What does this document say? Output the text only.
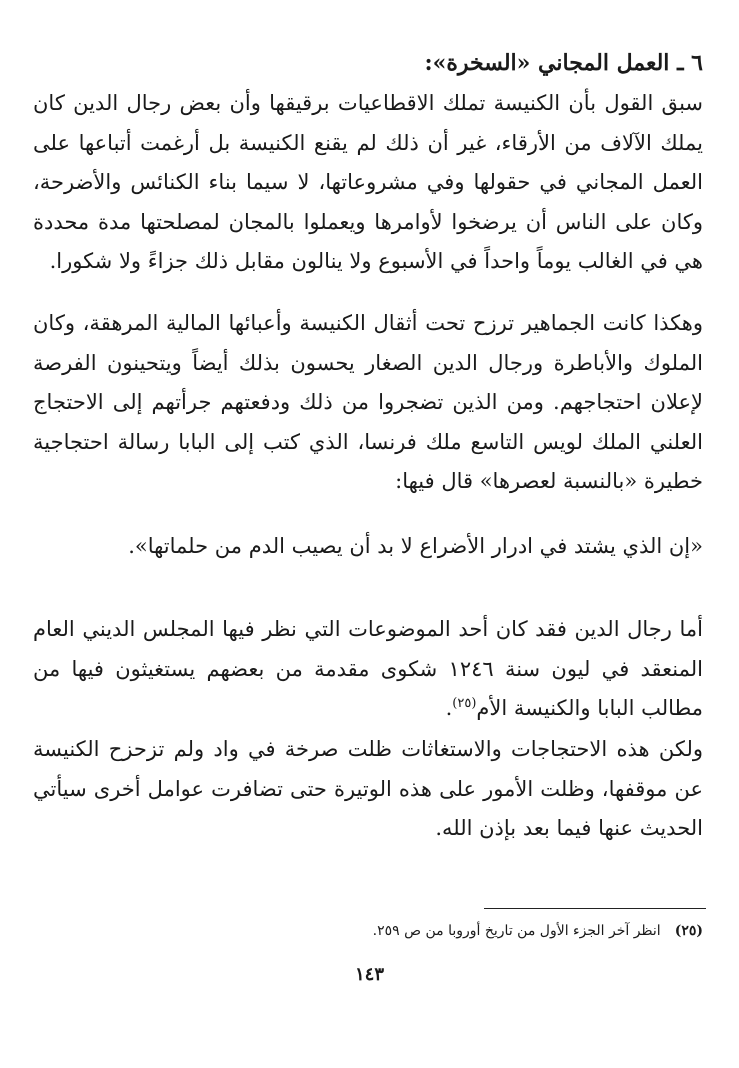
٦ ـ العمل المجاني «السخرة»:
سبق القول بأن الكنيسة تملك الاقطاعيات برقيقها وأن بعض رجال الدين كان يملك الآلاف من الأرقاء، غير أن ذلك لم يقنع الكنيسة بل أرغمت أتباعها على العمل المجاني في حقولها وفي مشروعاتها، لا سيما بناء الكنائس والأضرحة، وكان على الناس أن يرضخوا لأوامرها ويعملوا بالمجان لمصلحتها مدة محددة هي في الغالب يوماً واحداً في الأسبوع ولا ينالون مقابل ذلك جزاءً ولا شكورا.
وهكذا كانت الجماهير ترزح تحت أثقال الكنيسة وأعبائها المالية المرهقة، وكان الملوك والأباطرة ورجال الدين الصغار يحسون بذلك أيضاً ويتحينون الفرصة لإعلان احتجاجهم. ومن الذين تضجروا من ذلك ودفعتهم جرأتهم إلى الاحتجاج العلني الملك لويس التاسع ملك فرنسا، الذي كتب إلى البابا رسالة احتجاجية خطيرة «بالنسبة لعصرها» قال فيها:
«إن الذي يشتد في ادرار الأضراع لا بد أن يصيب الدم من حلماتها».
أما رجال الدين فقد كان أحد الموضوعات التي نظر فيها المجلس الديني العام المنعقد في ليون سنة ١٢٤٦ شكوى مقدمة من بعضهم يستغيثون فيها من مطالب البابا والكنيسة الأم$^{(٢٥)}$.
ولكن هذه الاحتجاجات والاستغاثات ظلت صرخة في واد ولم تزحزح الكنيسة عن موقفها، وظلت الأمور على هذه الوتيرة حتى تضافرت عوامل أخرى سيأتي الحديث عنها فيما بعد بإذن الله.
(٢٥)انظر آخر الجزء الأول من تاريخ أوروبا من ص ٢٥٩.
١٤٣
